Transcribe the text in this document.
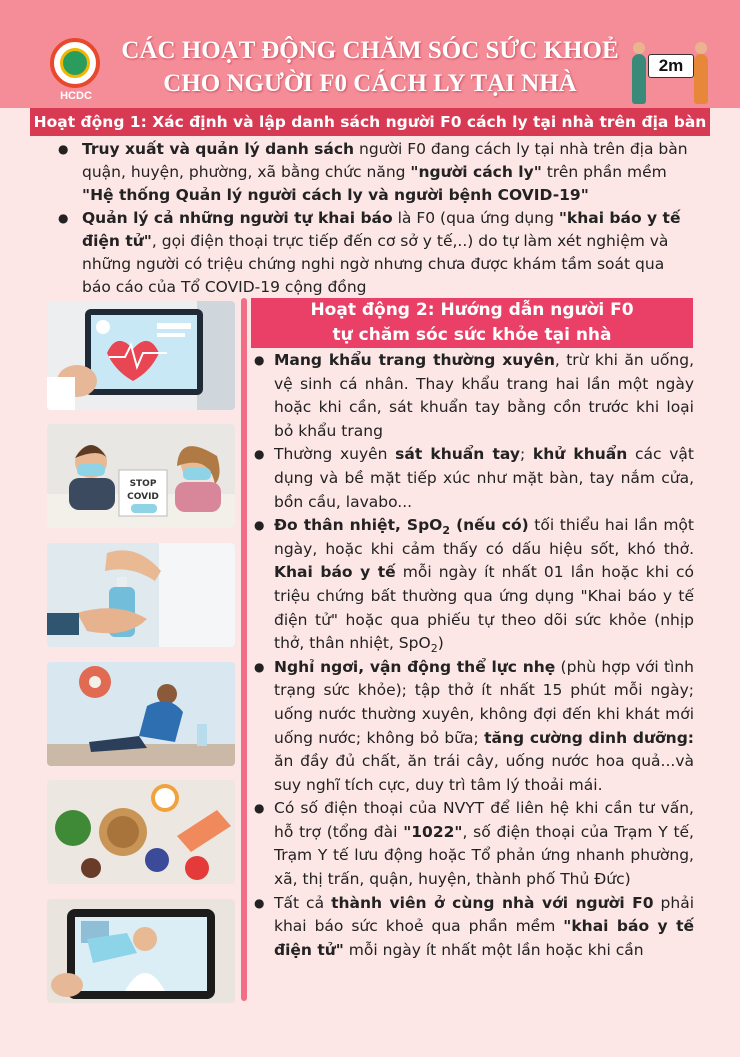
HCDC
CÁC HOẠT ĐỘNG CHĂM SÓC SỨC KHOẺ
CHO NGƯỜI F0 CÁCH LY TẠI NHÀ
2m
Hoạt động 1: Xác định và lập danh sách người F0 cách ly tại nhà trên địa bàn
● Truy xuất và quản lý danh sách người F0 đang cách ly tại nhà trên địa bàn quận, huyện, phường, xã bằng chức năng "người cách ly" trên phần mềm "Hệ thống Quản lý người cách ly và người bệnh COVID-19"
● Quản lý cả những người tự khai báo là F0 (qua ứng dụng "khai báo y tế điện tử", gọi điện thoại trực tiếp đến cơ sở y tế,..) do tự làm xét nghiệm và những người có triệu chứng nghi ngờ nhưng chưa được khám tầm soát qua báo cáo của Tổ COVID-19 cộng đồng
STOP
COVID
Hoạt động 2: Hướng dẫn người F0
tự chăm sóc sức khỏe tại nhà
● Mang khẩu trang thường xuyên, trừ khi ăn uống, vệ sinh cá nhân. Thay khẩu trang hai lần một ngày hoặc khi cần, sát khuẩn tay bằng cồn trước khi loại bỏ khẩu trang
● Thường xuyên sát khuẩn tay; khử khuẩn các vật dụng và bề mặt tiếp xúc như mặt bàn, tay nắm cửa, bồn cầu, lavabo...
● Đo thân nhiệt, SpO$_2$ (nếu có) tối thiểu hai lần một ngày, hoặc khi cảm thấy có dấu hiệu sốt, khó thở. Khai báo y tế mỗi ngày ít nhất 01 lần hoặc khi có triệu chứng bất thường qua ứng dụng "Khai báo y tế điện tử" hoặc qua phiếu tự theo dõi sức khỏe (nhịp thở, thân nhiệt, SpO$_2$)
● Nghỉ ngơi, vận động thể lực nhẹ (phù hợp với tình trạng sức khỏe); tập thở ít nhất 15 phút mỗi ngày; uống nước thường xuyên, không đợi đến khi khát mới uống nước; không bỏ bữa; tăng cường dinh dưỡng: ăn đầy đủ chất, ăn trái cây, uống nước hoa quả...và suy nghĩ tích cực, duy trì tâm lý thoải mái.
● Có số điện thoại của NVYT để liên hệ khi cần tư vấn, hỗ trợ (tổng đài "1022", số điện thoại của Trạm Y tế, Trạm Y tế lưu động hoặc Tổ phản ứng nhanh phường, xã, thị trấn, quận, huyện, thành phố Thủ Đức)
● Tất cả thành viên ở cùng nhà với người F0 phải khai báo sức khoẻ qua phần mềm "khai báo y tế điện tử" mỗi ngày ít nhất một lần hoặc khi cần
